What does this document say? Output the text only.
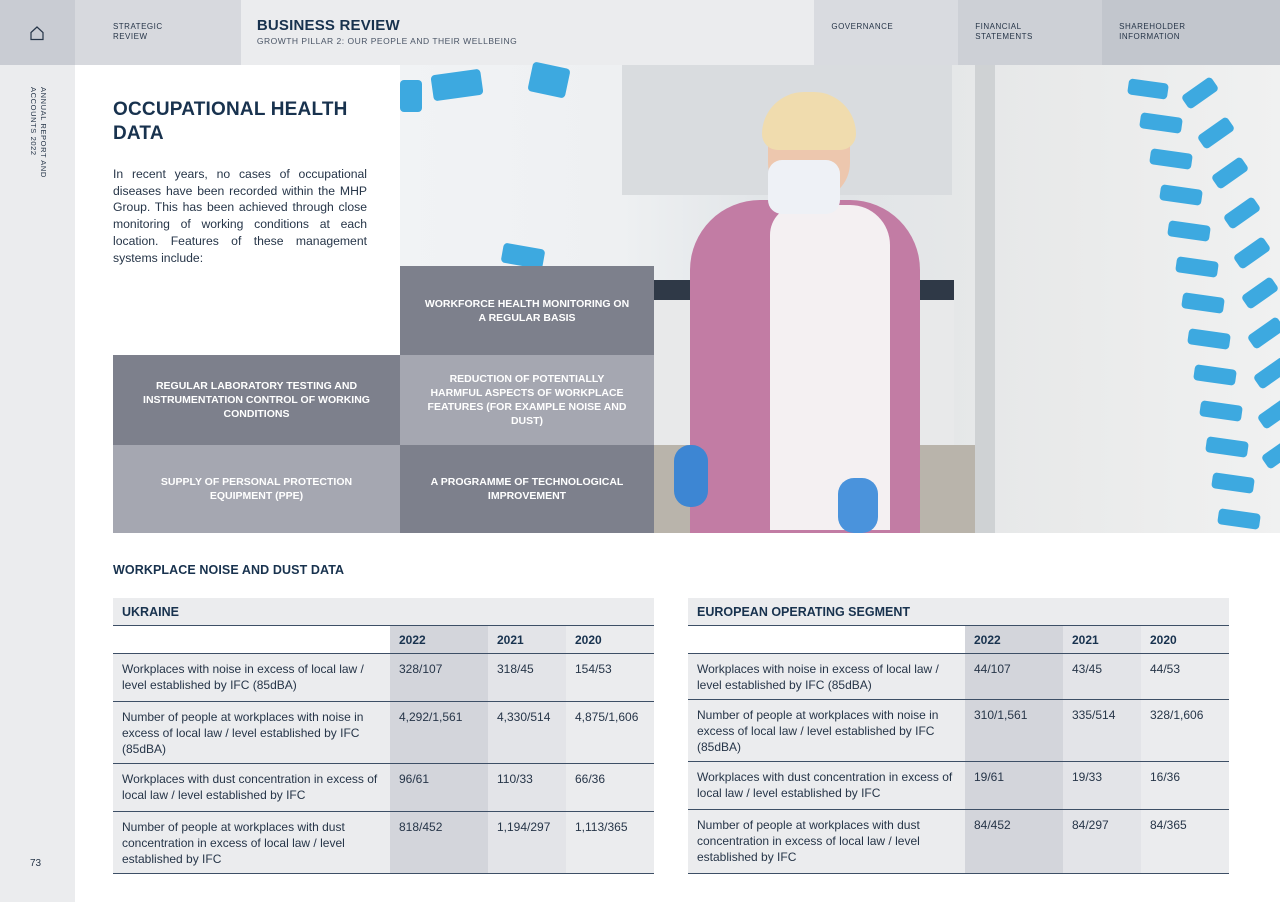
STRATEGIC REVIEW
BUSINESS REVIEW
GROWTH PILLAR 2: OUR PEOPLE AND THEIR WELLBEING
GOVERNANCE	FINANCIAL STATEMENTS
SHAREHOLDER INFORMATION
ANNUAL REPORT AND ACCOUNTS 2022
73
OCCUPATIONAL HEALTH DATA
In recent years, no cases of occupational diseases have been recorded within the MHP Group. This has been achieved through close monitoring of working conditions at each location. Features of these management systems include:
WORKFORCE HEALTH MONITORING ON A REGULAR BASIS
REGULAR LABORATORY TESTING AND INSTRUMENTATION CONTROL OF WORKING CONDITIONS
REDUCTION OF POTENTIALLY HARMFUL ASPECTS OF WORKPLACE FEATURES (FOR EXAMPLE NOISE AND DUST)
SUPPLY OF PERSONAL PROTECTION EQUIPMENT (PPE)
A PROGRAMME OF TECHNOLOGICAL IMPROVEMENT
WORKPLACE NOISE AND DUST DATA
UKRAINE			
	2022	2021	2020
Workplaces with noise in excess of local law / level established by IFC (85dBA)	328/107	318/45	154/53
Number of people at workplaces with noise in excess of local law / level established by IFC (85dBA)	4,292/1,561	4,330/514	4,875/1,606
Workplaces with dust concentration in excess of local law / level established by IFC	96/61	110/33	66/36
Number of people at workplaces with dust concentration in excess of local law / level established by IFC	818/452	1,194/297	1,113/365
EUROPEAN OPERATING SEGMENT			
	2022	2021	2020
Workplaces with noise in excess of local law / level established by IFC (85dBA)	44/107	43/45	44/53
Number of people at workplaces with noise in excess of local law / level established by IFC (85dBA)	310/1,561	335/514	328/1,606
Workplaces with dust concentration in excess of local law / level established by IFC	19/61	19/33	16/36
Number of people at workplaces with dust concentration in excess of local law / level established by IFC	84/452	84/297	84/365
